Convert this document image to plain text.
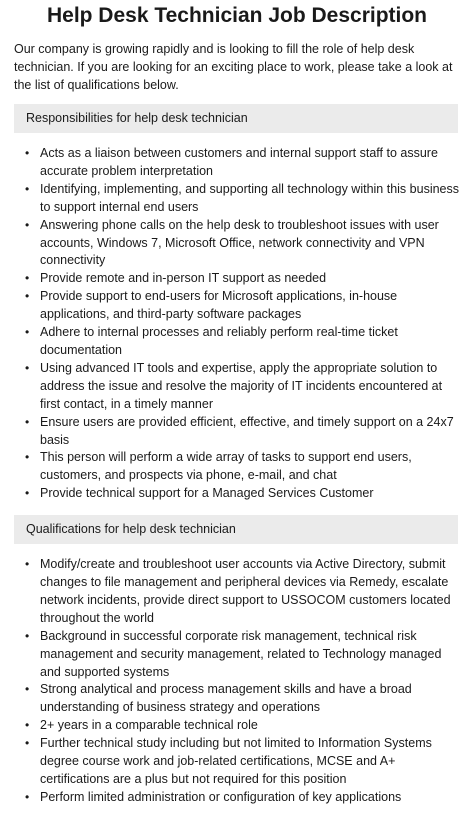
Help Desk Technician Job Description

Our company is growing rapidly and is looking to fill the role of help desk technician. If you are looking for an exciting place to work, please take a look at the list of qualifications below.

Responsibilities for help desk technician
• Acts as a liaison between customers and internal support staff to assure accurate problem interpretation
• Identifying, implementing, and supporting all technology within this business to support internal end users
• Answering phone calls on the help desk to troubleshoot issues with user accounts, Windows 7, Microsoft Office, network connectivity and VPN connectivity
• Provide remote and in-person IT support as needed
• Provide support to end-users for Microsoft applications, in-house applications, and third-party software packages
• Adhere to internal processes and reliably perform real-time ticket documentation
• Using advanced IT tools and expertise, apply the appropriate solution to address the issue and resolve the majority of IT incidents encountered at first contact, in a timely manner
• Ensure users are provided efficient, effective, and timely support on a 24x7 basis
• This person will perform a wide array of tasks to support end users, customers, and prospects via phone, e-mail, and chat
• Provide technical support for a Managed Services Customer
Qualifications for help desk technician
• Modify/create and troubleshoot user accounts via Active Directory, submit changes to file management and peripheral devices via Remedy, escalate network incidents, provide direct support to USSOCOM customers located throughout the world
• Background in successful corporate risk management, technical risk management and security management, related to Technology managed and supported systems
• Strong analytical and process management skills and have a broad understanding of business strategy and operations
• 2+ years in a comparable technical role
• Further technical study including but not limited to Information Systems degree course work and job-related certifications, MCSE and A+ certifications are a plus but not required for this position
• Perform limited administration or configuration of key applications
